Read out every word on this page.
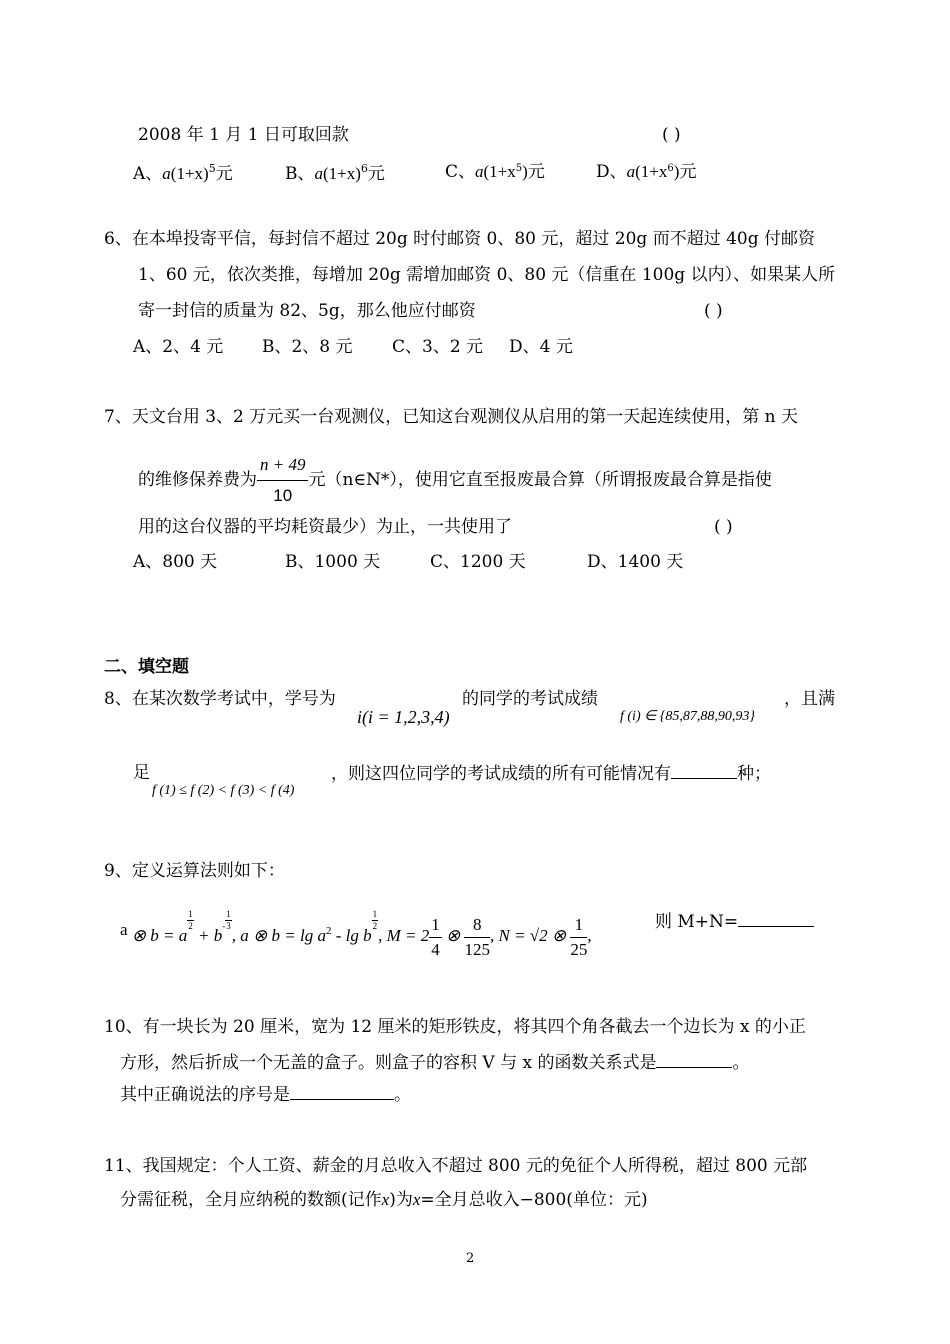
2008 年 1 月 1 日可取回款	( )
A、$a(1+x)^5$元	B、$a(1+x)^6$元	C、$a(1+x^5)$元	D、$a(1+x^6)$元
6、在本埠投寄平信，每封信不超过 20g 时付邮资 0、80 元，超过 20g 而不超过 40g 付邮资
1、60 元，依次类推，每增加 20g 需增加邮资 0、80 元（信重在 100g 以内）、如果某人所
寄一封信的质量为 82、5g，那么他应付邮资	( )
A、2、4 元 B、2、8 元 C、3、2 元 D、4 元
7、天文台用 3、2 万元买一台观测仪，已知这台观测仪从启用的第一天起连续使用，第 n 天
的维修保养费为 $\frac{n + 49}{10}$ 元（n∈N*），使用它直至报废最合算（所谓报废最合算是指使
用的这台仪器的平均耗资最少）为止，一共使用了	( )
A、800 天	B、1000 天	C、1200 天	D、1400 天
二、填空题
8、在某次数学考试中，学号为
i(i = 1,2,3,4)
的同学的考试成绩
f (i) ∈ {85,87,88,90,93}
，且满
足
f (1) ≤ f (2) < f (3) < f (4)
，则这四位同学的考试成绩的所有可能情况有	种；
9、定义运算法则如下：
a ⊗ b = a
$\frac{1}{2}$
+ $b^- \frac{1}{3}$
, a ⊗ $b = \lg a^2 - \lg b$
$\frac{1}{2}$
, $M = 2 \frac{1}{4}$ ⊗ $\frac{8}{125}$ , N = √2 ⊗ $\frac{1}{25}$ ,
则 M+N=
10、有一块长为 20 厘米，宽为 12 厘米的矩形铁皮，将其四个角各截去一个边长为 x 的小正
方形，然后折成一个无盖的盒子。则盒子的容积 V 与 x 的函数关系式是	。
其中正确说法的序号是	。
11、我国规定：个人工资、薪金的月总收入不超过 800 元的免征个人所得税，超过 800 元部
分需征税，全月应纳税的数额(记作x)为x=全月总收入−800(单位：元)
2
